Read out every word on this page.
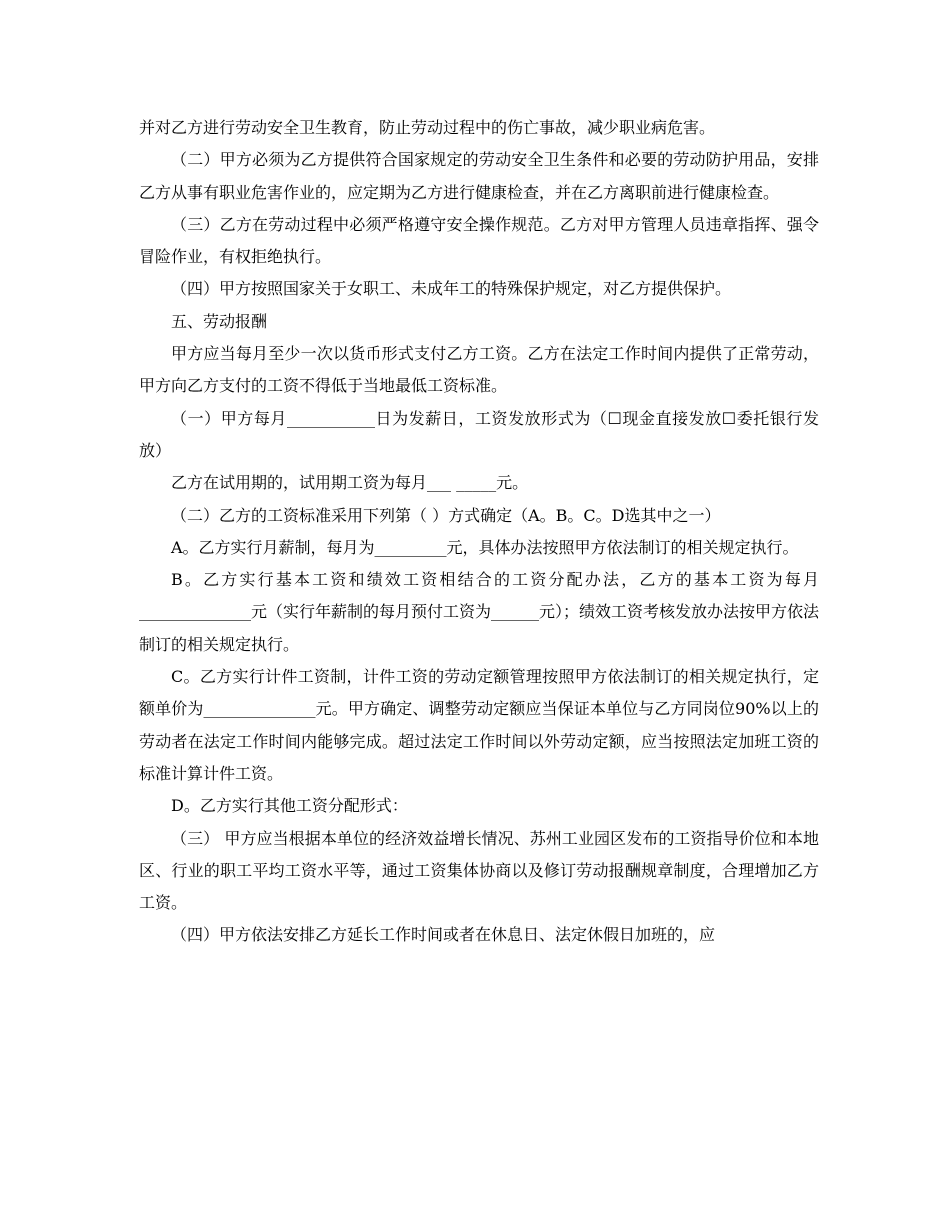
并对乙方进行劳动安全卫生教育，防止劳动过程中的伤亡事故，减少职业病危害。

（二）甲方必须为乙方提供符合国家规定的劳动安全卫生条件和必要的劳动防护用品，安排乙方从事有职业危害作业的，应定期为乙方进行健康检查，并在乙方离职前进行健康检查。

（三）乙方在劳动过程中必须严格遵守安全操作规范。乙方对甲方管理人员违章指挥、强令冒险作业，有权拒绝执行。

（四）甲方按照国家关于女职工、未成年工的特殊保护规定，对乙方提供保护。

五、劳动报酬

甲方应当每月至少一次以货币形式支付乙方工资。乙方在法定工作时间内提供了正常劳动，甲方向乙方支付的工资不得低于当地最低工资标准。

（一）甲方每月___________日为发薪日，工资发放形式为（☐现金直接发放☐委托银行发放）

乙方在试用期的，试用期工资为每月___ _____元。

（二）乙方的工资标准采用下列第（ ）方式确定（A。B。C。D选其中之一）

A。乙方实行月薪制，每月为_________元，具体办法按照甲方依法制订的相关规定执行。

B。乙方实行基本工资和绩效工资相结合的工资分配办法，乙方的基本工资为每月______________元（实行年薪制的每月预付工资为______元）；绩效工资考核发放办法按甲方依法制订的相关规定执行。

C。乙方实行计件工资制，计件工资的劳动定额管理按照甲方依法制订的相关规定执行，定额单价为______________元。甲方确定、调整劳动定额应当保证本单位与乙方同岗位90%以上的劳动者在法定工作时间内能够完成。超过法定工作时间以外劳动定额，应当按照法定加班工资的标准计算计件工资。

D。乙方实行其他工资分配形式：

（三） 甲方应当根据本单位的经济效益增长情况、苏州工业园区发布的工资指导价位和本地区、行业的职工平均工资水平等，通过工资集体协商以及修订劳动报酬规章制度，合理增加乙方工资。

（四）甲方依法安排乙方延长工作时间或者在休息日、法定休假日加班的，应
